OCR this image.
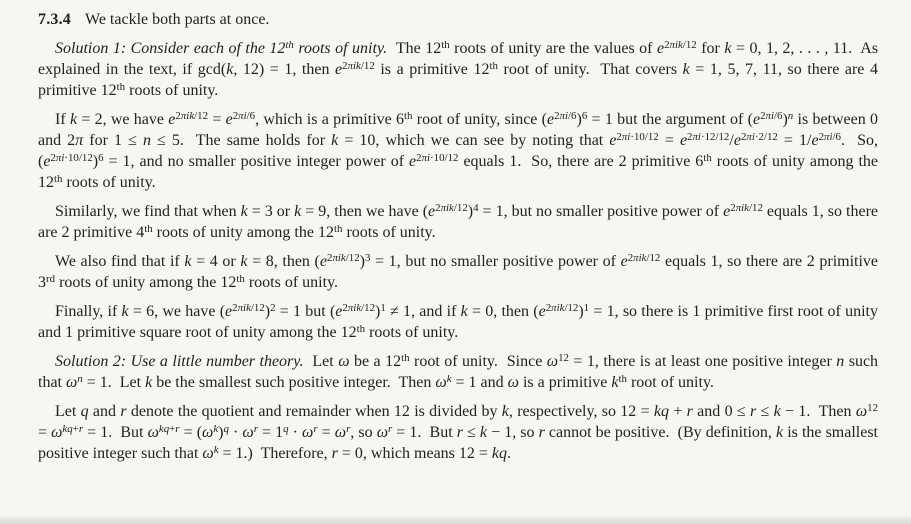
7.3.4 We tackle both parts at once.

Solution 1: Consider each of the 12th roots of unity.  The 12th roots of unity are the values of $e^{2\pi ik/12}$ for k = 0, 1, 2, . . . , 11.  As explained in the text, if gcd(k, 12) = 1, then $e^{2\pi ik/12}$ is a primitive 12th root of unity.  That covers k = 1, 5, 7, 11, so there are 4 primitive 12th roots of unity.

If k = 2, we have $e^{2\pi ik/12} = e^{2\pi i/6}$, which is a primitive 6th root of unity, since $(e^{2\pi i/6})^6 = 1$ but the argument of $(e^{2\pi i/6})^n$ is between 0 and 2π for 1 ≤ n ≤ 5.  The same holds for k = 10, which we can see by noting that $e^{2\pi i\cdot 10/12} = e^{2\pi i\cdot 12/12}/e^{2\pi i\cdot 2/12} = 1/e^{2\pi i/6}$.  So, $(e^{2\pi i\cdot 10/12})^6 = 1$, and no smaller positive integer power of $e^{2\pi i\cdot 10/12}$ equals 1.  So, there are 2 primitive 6th roots of unity among the 12th roots of unity.

Similarly, we find that when k = 3 or k = 9, then we have $(e^{2\pi ik/12})^4 = 1$, but no smaller positive power of $e^{2\pi ik/12}$ equals 1, so there are 2 primitive 4th roots of unity among the 12th roots of unity.

We also find that if k = 4 or k = 8, then $(e^{2\pi ik/12})^3 = 1$, but no smaller positive power of $e^{2\pi ik/12}$ equals 1, so there are 2 primitive 3rd roots of unity among the 12th roots of unity.

Finally, if k = 6, we have $(e^{2\pi ik/12})^2 = 1$ but $(e^{2\pi ik/12})^1 \ne 1$, and if k = 0, then $(e^{2\pi ik/12})^1 = 1$, so there is 1 primitive first root of unity and 1 primitive square root of unity among the 12th roots of unity.

Solution 2: Use a little number theory.  Let ω be a 12th root of unity.  Since $\omega^{12} = 1$, there is at least one positive integer n such that $\omega^n = 1$.  Let k be the smallest such positive integer.  Then $\omega^k = 1$ and ω is a primitive $k^{th}$ root of unity.

Let q and r denote the quotient and remainder when 12 is divided by k, respectively, so 12 = kq + r and 0 ≤ r ≤ k − 1.  Then $\omega^{12} = \omega^{kq+r} = 1$.  But $\omega^{kq+r} = (\omega^k)^q \cdot \omega^r = 1^q \cdot \omega^r = \omega^r$, so $\omega^r = 1$.  But r ≤ k − 1, so r cannot be positive.  (By definition, k is the smallest positive integer such that $\omega^k = 1$.)  Therefore, r = 0, which means 12 = kq.
